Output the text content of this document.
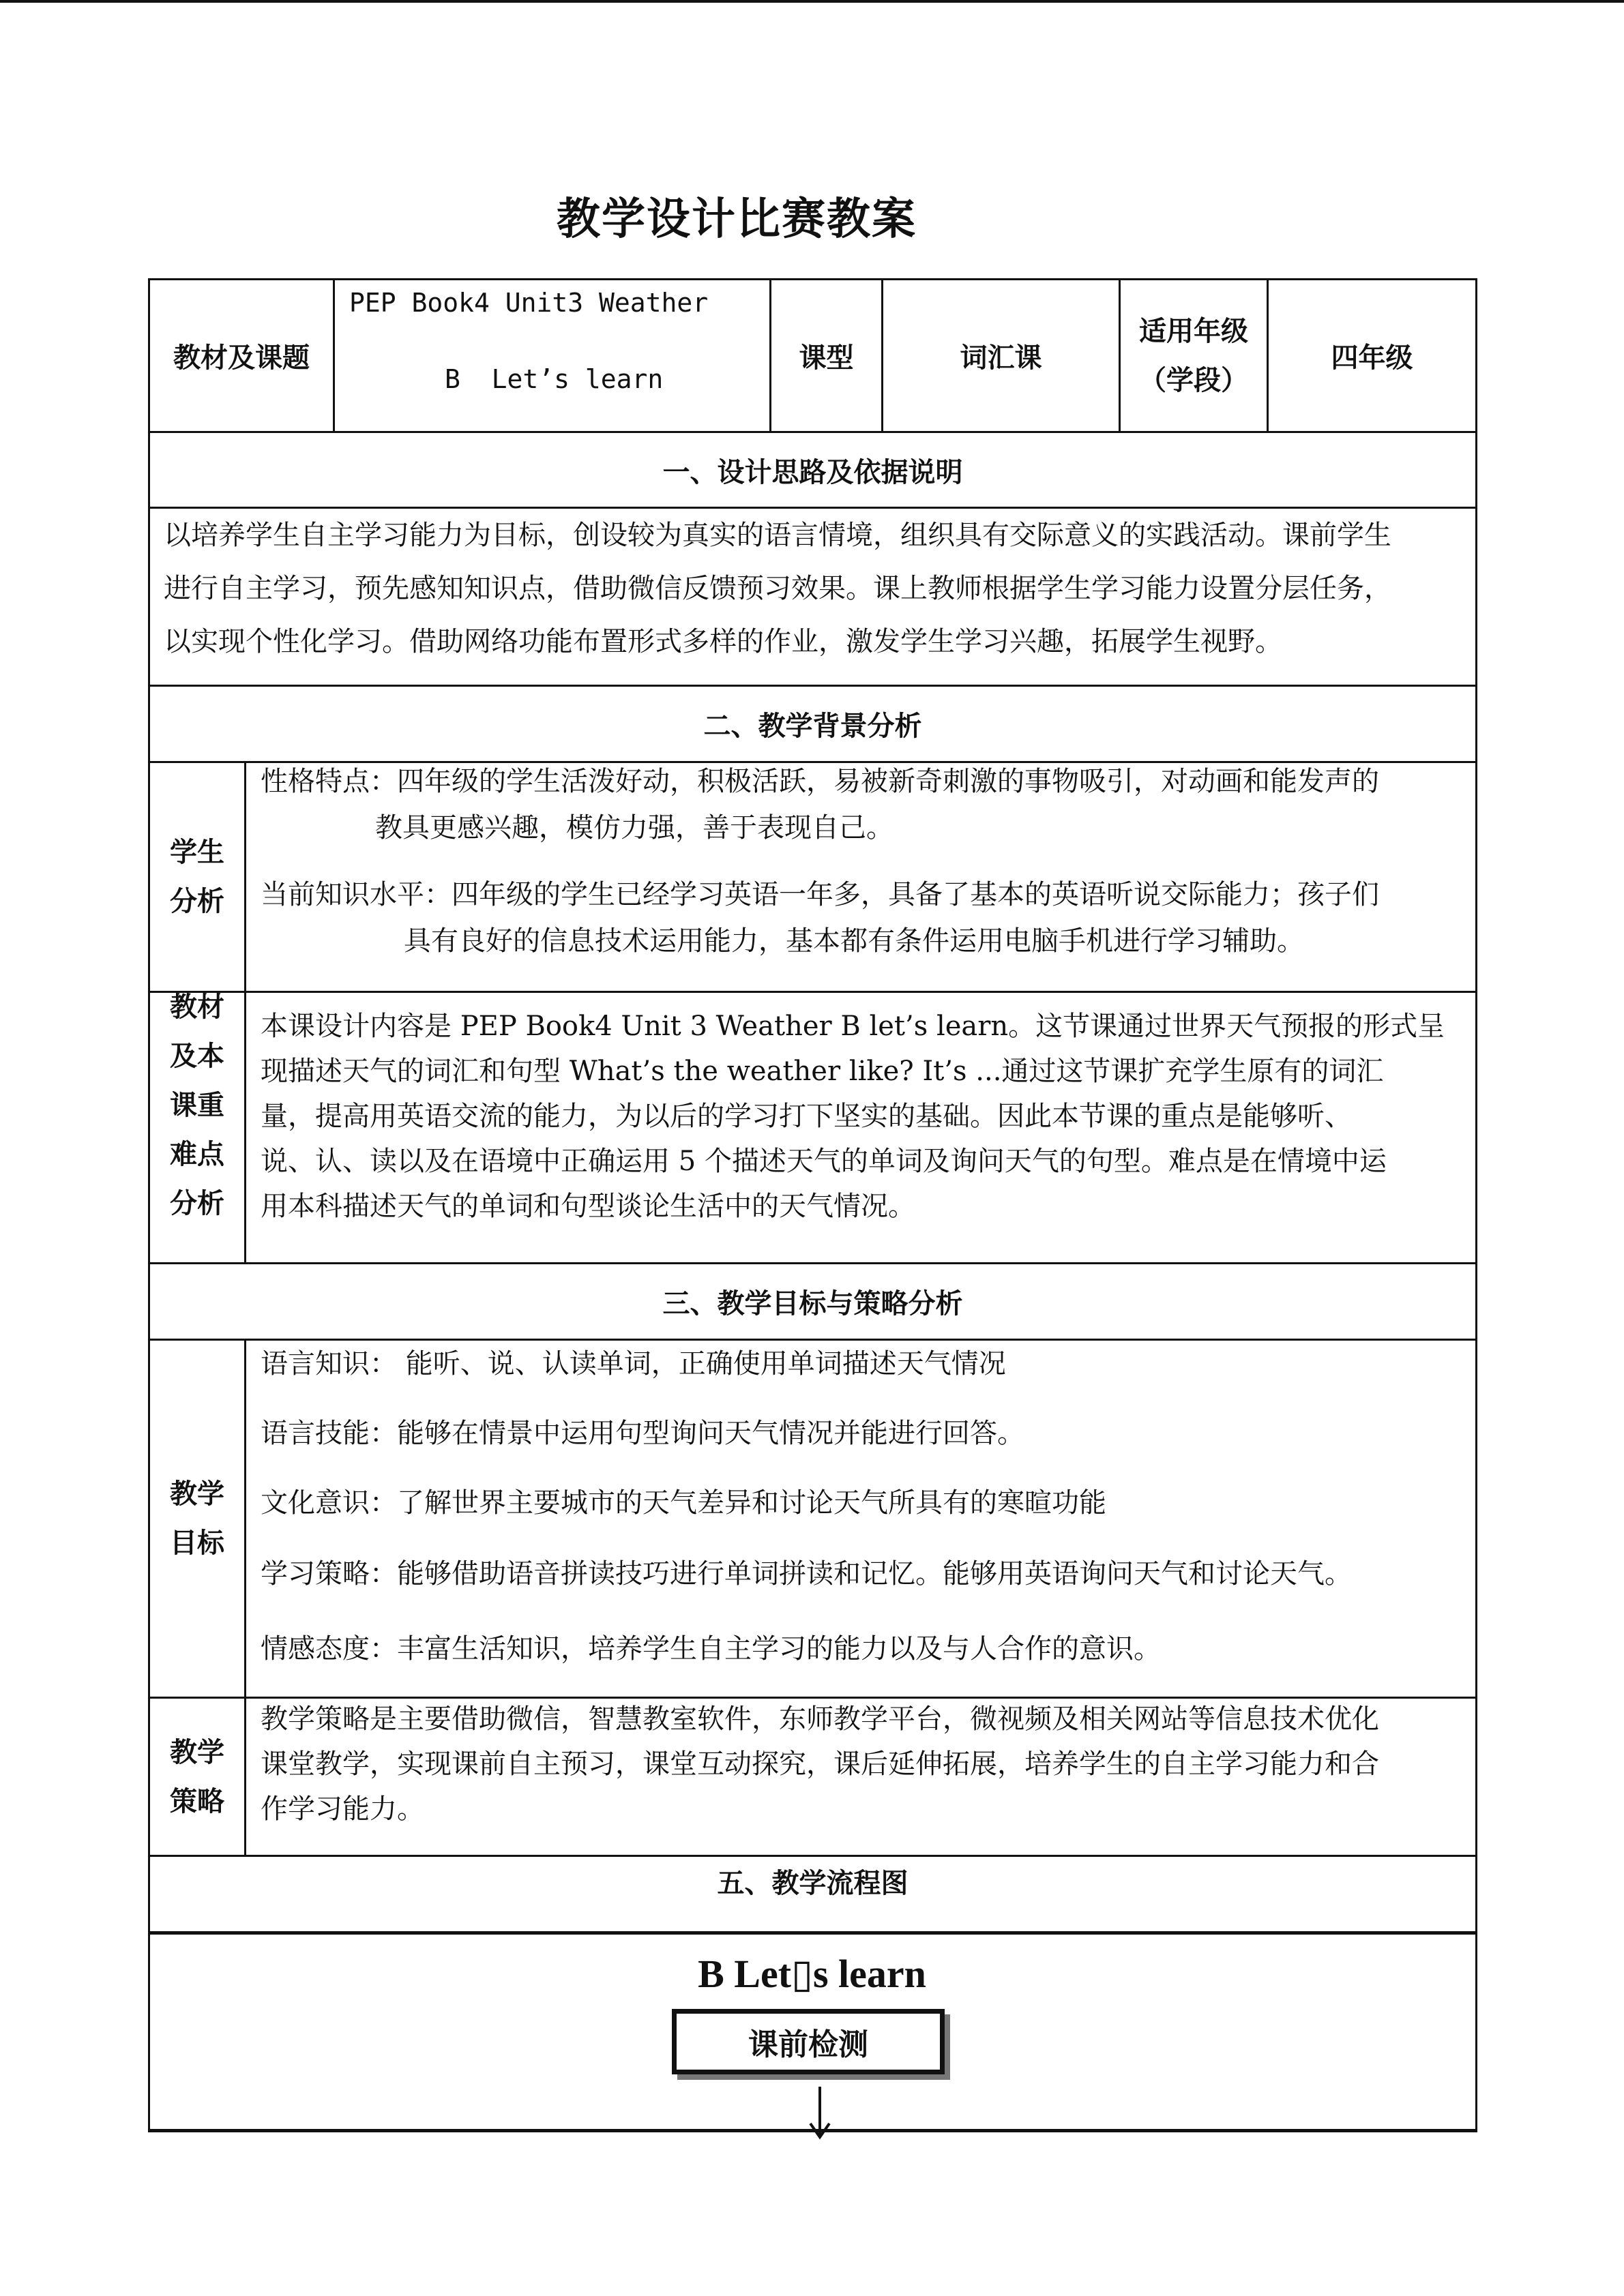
教学设计比赛教案
教材及课题
PEP Book4 Unit3 Weather
B  Let’s learn
课型	词汇课
适用年级
（学段）
四年级
一、设计思路及依据说明
以培养学生自主学习能力为目标，创设较为真实的语言情境，组织具有交际意义的实践活动。课前学生
进行自主学习，预先感知知识点，借助微信反馈预习效果。课上教师根据学生学习能力设置分层任务，
以实现个性化学习。借助网络功能布置形式多样的作业，激发学生学习兴趣，拓展学生视野。
二、教学背景分析
学生
分析
性格特点：四年级的学生活泼好动，积极活跃，易被新奇刺激的事物吸引，对动画和能发声的
教具更感兴趣，模仿力强，善于表现自己。
当前知识水平：四年级的学生已经学习英语一年多，具备了基本的英语听说交际能力；孩子们
具有良好的信息技术运用能力，基本都有条件运用电脑手机进行学习辅助。
教材
及本
课重
难点
分析
本课设计内容是 PEP Book4 Unit 3 Weather B let’s learn。这节课通过世界天气预报的形式呈
现描述天气的词汇和句型 What’s the weather like? It’s ...通过这节课扩充学生原有的词汇
量，提高用英语交流的能力，为以后的学习打下坚实的基础。因此本节课的重点是能够听、
说、认、读以及在语境中正确运用 5 个描述天气的单词及询问天气的句型。难点是在情境中运
用本科描述天气的单词和句型谈论生活中的天气情况。
三、教学目标与策略分析
教学
目标
语言知识： 能听、说、认读单词，正确使用单词描述天气情况
语言技能：能够在情景中运用句型询问天气情况并能进行回答。
文化意识：了解世界主要城市的天气差异和讨论天气所具有的寒暄功能
学习策略：能够借助语音拼读技巧进行单词拼读和记忆。能够用英语询问天气和讨论天气。
情感态度：丰富生活知识，培养学生自主学习的能力以及与人合作的意识。
教学
策略
教学策略是主要借助微信，智慧教室软件，东师教学平台，微视频及相关网站等信息技术优化
课堂教学，实现课前自主预习，课堂互动探究，课后延伸拓展，培养学生的自主学习能力和合
作学习能力。
五、教学流程图
B Let▯s learn
课前检测
